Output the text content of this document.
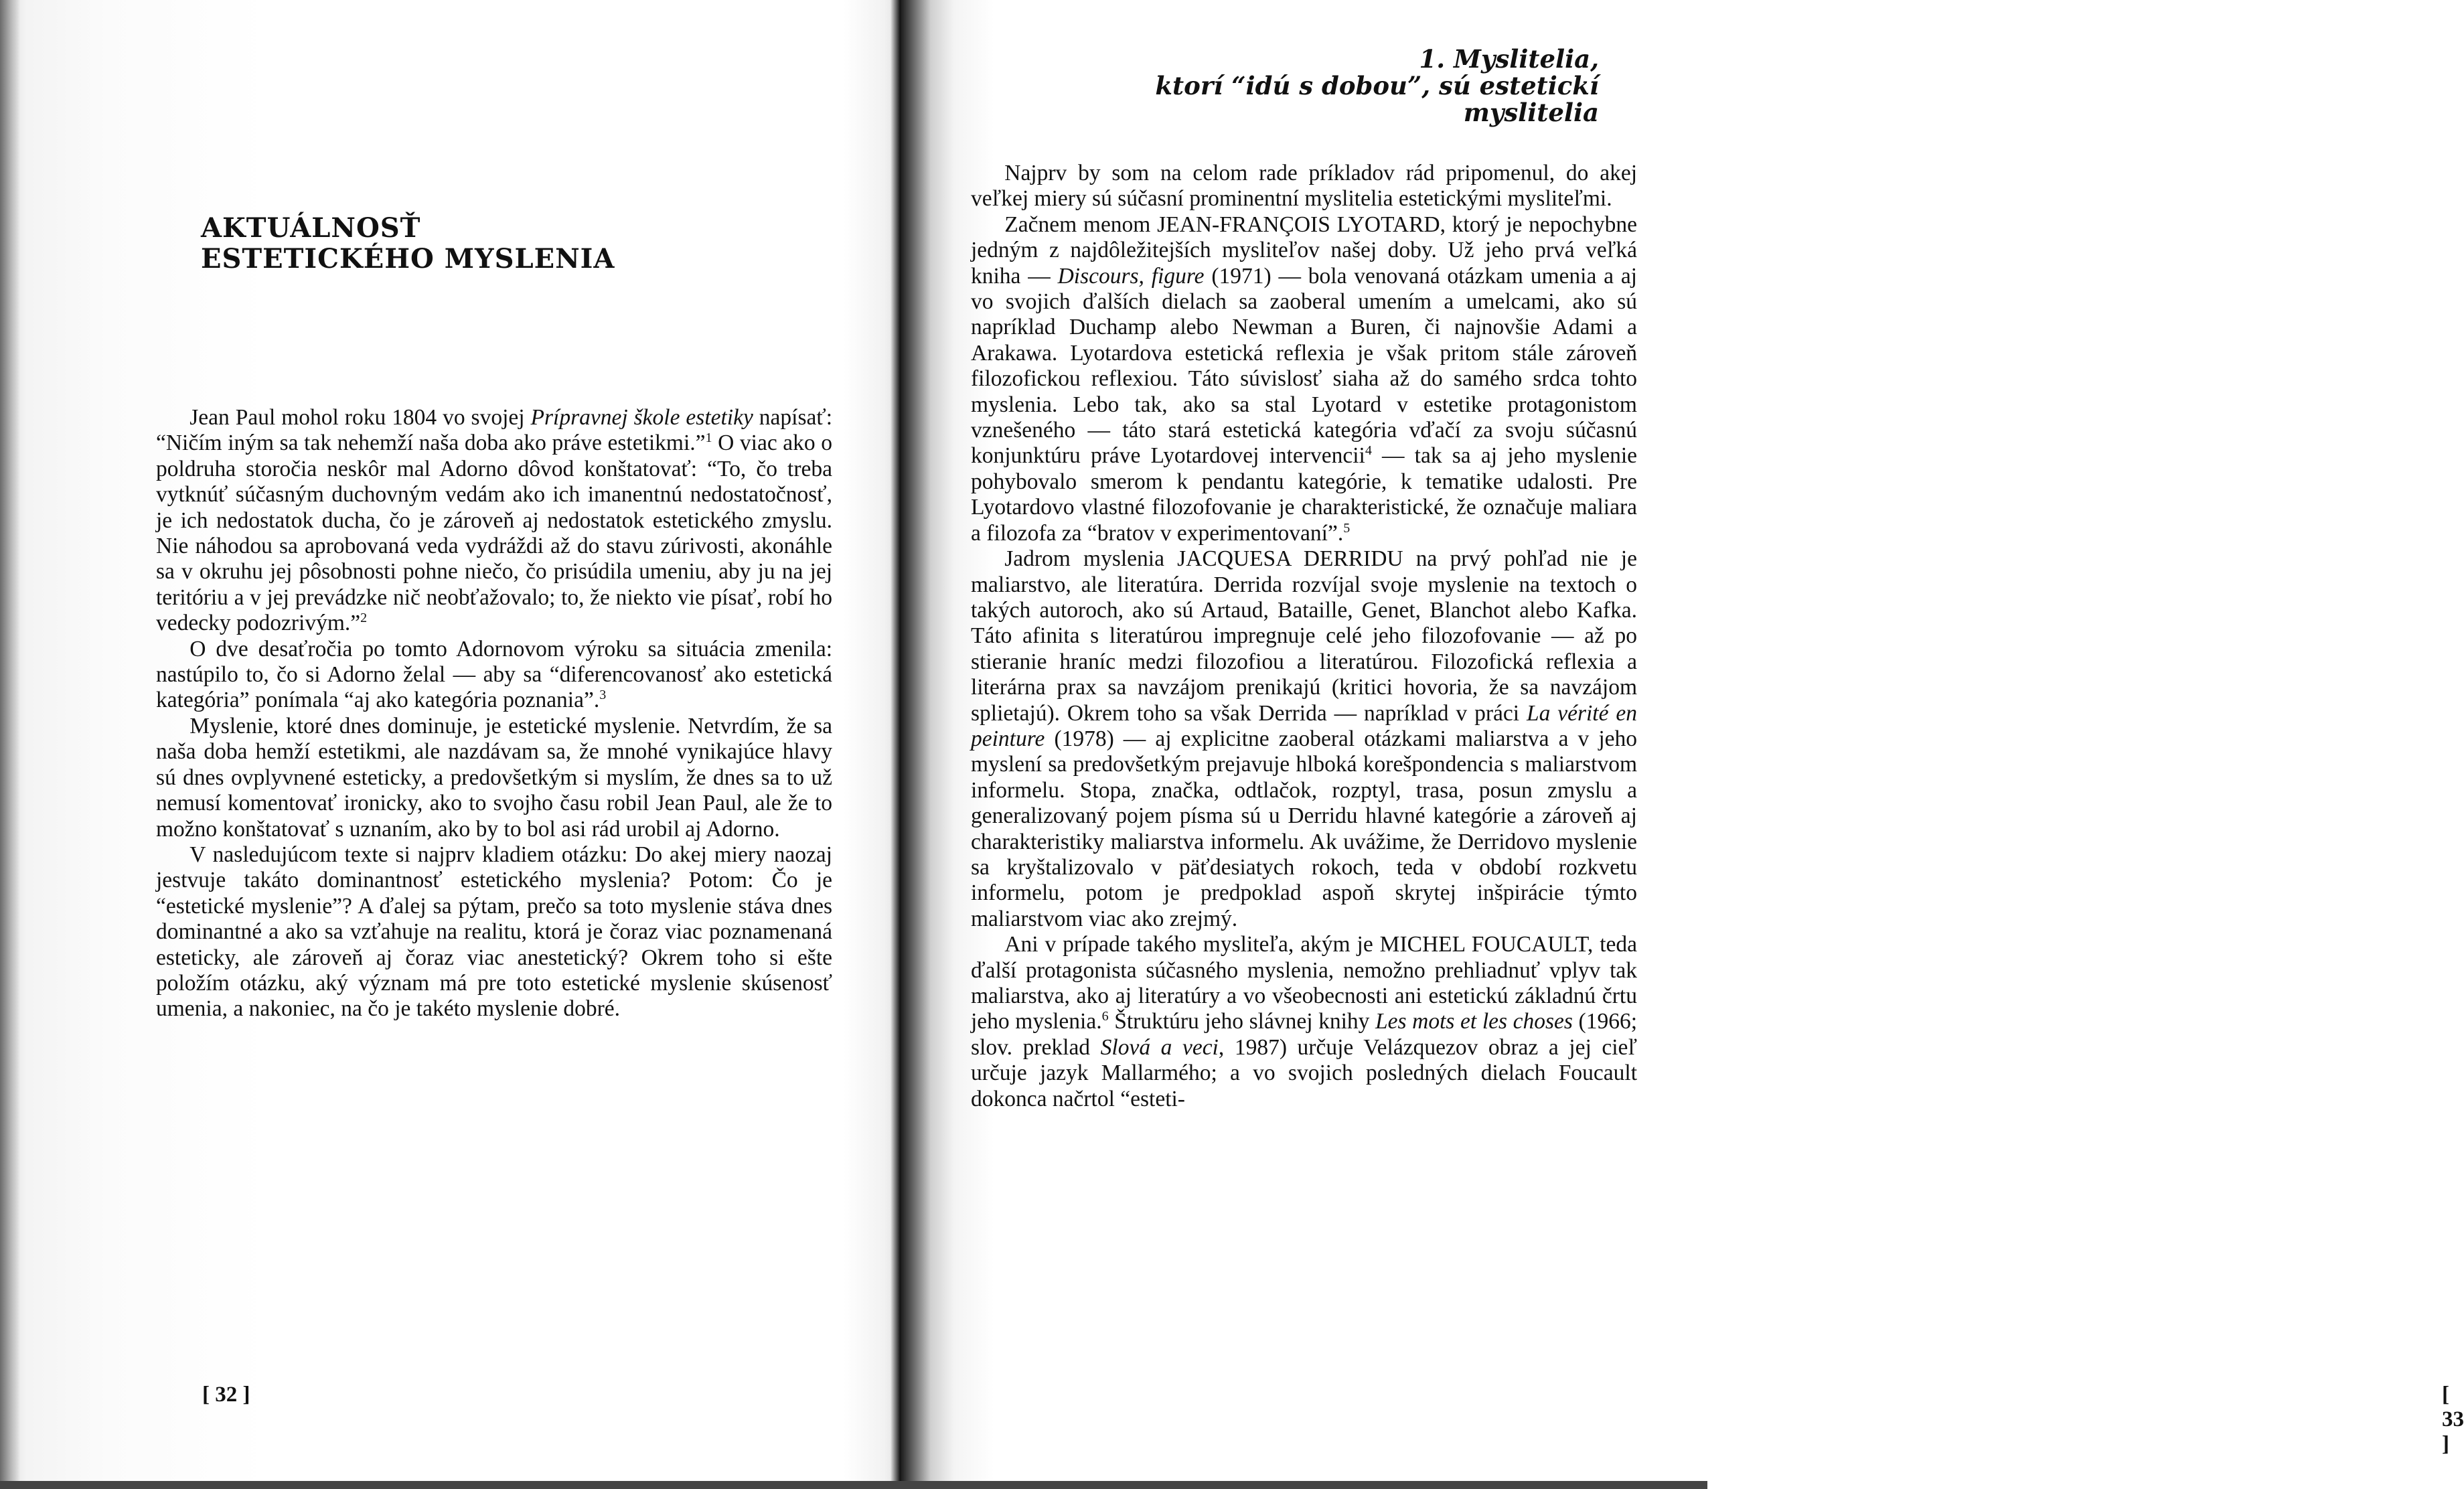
AKTUÁLNOSŤ
ESTETICKÉHO MYSLENIA

Jean Paul mohol roku 1804 vo svojej Prípravnej škole estetiky napísať: “Ničím iným sa tak nehemží naša doba ako práve estetikmi.”$^1$ O viac ako o poldruha storočia neskôr mal Adorno dôvod konštatovať: “To, čo treba vytknúť súčasným duchovným vedám ako ich imanentnú nedostatočnosť, je ich nedostatok ducha, čo je zároveň aj nedostatok estetického zmyslu. Nie náhodou sa aprobovaná veda vydráždi až do stavu zúrivosti, akonáhle sa v okruhu jej pôsobnosti pohne niečo, čo prisúdila umeniu, aby ju na jej teritóriu a v jej prevádzke nič neobťažovalo; to, že niekto vie písať, robí ho vedecky podozrivým.”$^2$

O dve desaťročia po tomto Adornovom výroku sa situácia zmenila: nastúpilo to, čo si Adorno želal — aby sa “diferencovanosť ako estetická kategória” ponímala “aj ako kategória poznania”.$^3$

Myslenie, ktoré dnes dominuje, je estetické myslenie. Netvrdím, že sa naša doba hemží estetikmi, ale nazdávam sa, že mnohé vynikajúce hlavy sú dnes ovplyvnené esteticky, a predovšetkým si myslím, že dnes sa to už nemusí komentovať ironicky, ako to svojho času robil Jean Paul, ale že to možno konštatovať s uznaním, ako by to bol asi rád urobil aj Adorno.

V nasledujúcom texte si najprv kladiem otázku: Do akej miery naozaj jestvuje takáto dominantnosť estetického myslenia? Potom: Čo je “estetické myslenie”? A ďalej sa pýtam, prečo sa toto myslenie stáva dnes dominantné a ako sa vzťahuje na realitu, ktorá je čoraz viac poznamenaná esteticky, ale zároveň aj čoraz viac anestetický? Okrem toho si ešte položím otázku, aký význam má pre toto estetické myslenie skúsenosť umenia, a nakoniec, na čo je takéto myslenie dobré.

[ 32 ]
1. Myslitelia,
ktorí “idú s dobou”, sú estetickí
myslitelia
[ 33 ]

Najprv by som na celom rade príkladov rád pripomenul, do akej veľkej miery sú súčasní prominentní myslitelia estetickými mysliteľmi.

Začnem menom JEAN-FRANÇOIS LYOTARD, ktorý je nepochybne jedným z najdôležitejších mysliteľov našej doby. Už jeho prvá veľká kniha — Discours, figure (1971) — bola venovaná otázkam umenia a aj vo svojich ďalších dielach sa zaoberal umením a umelcami, ako sú napríklad Duchamp alebo Newman a Buren, či najnovšie Adami a Arakawa. Lyotardova estetická reflexia je však pritom stále zároveň filozofickou reflexiou. Táto súvislosť siaha až do samého srdca tohto myslenia. Lebo tak, ako sa stal Lyotard v estetike protagonistom vznešeného — táto stará estetická kategória vďačí za svoju súčasnú konjunktúru práve Lyotardovej intervencii$^4$ — tak sa aj jeho myslenie pohybovalo smerom k pendantu kategórie, k tematike udalosti. Pre Lyotardovo vlastné filozofovanie je charakteristické, že označuje maliara a filozofa za “bratov v experimentovaní”.$^5$

Jadrom myslenia JACQUESA DERRIDU na prvý pohľad nie je maliarstvo, ale literatúra. Derrida rozvíjal svoje myslenie na textoch o takých autoroch, ako sú Artaud, Bataille, Genet, Blanchot alebo Kafka. Táto afinita s literatúrou impregnuje celé jeho filozofovanie — až po stieranie hraníc medzi filozofiou a literatúrou. Filozofická reflexia a literárna prax sa navzájom prenikajú (kritici hovoria, že sa navzájom splietajú). Okrem toho sa však Derrida — napríklad v práci La vérité en peinture (1978) — aj explicitne zaoberal otázkami maliarstva a v jeho myslení sa predovšetkým prejavuje hlboká korešpondencia s maliarstvom informelu. Stopa, značka, odtlačok, rozptyl, trasa, posun zmyslu a generalizovaný pojem písma sú u Derridu hlavné kategórie a zároveň aj charakteristiky maliarstva informelu. Ak uvážime, že Derridovo myslenie sa kryštalizovalo v päťdesiatych rokoch, teda v období rozkvetu informelu, potom je predpoklad aspoň skrytej inšpirácie týmto maliarstvom viac ako zrejmý.

Ani v prípade takého mysliteľa, akým je MICHEL FOUCAULT, teda ďalší protagonista súčasného myslenia, nemožno prehliadnuť vplyv tak maliarstva, ako aj literatúry a vo všeobecnosti ani estetickú základnú črtu jeho myslenia.$^6$ Štruktúru jeho slávnej knihy Les mots et les choses (1966; slov. preklad Slová a veci, 1987) určuje Velázquezov obraz a jej cieľ určuje jazyk Mallarmého; a vo svojich posledných dielach Foucault dokonca načrtol “esteti-
